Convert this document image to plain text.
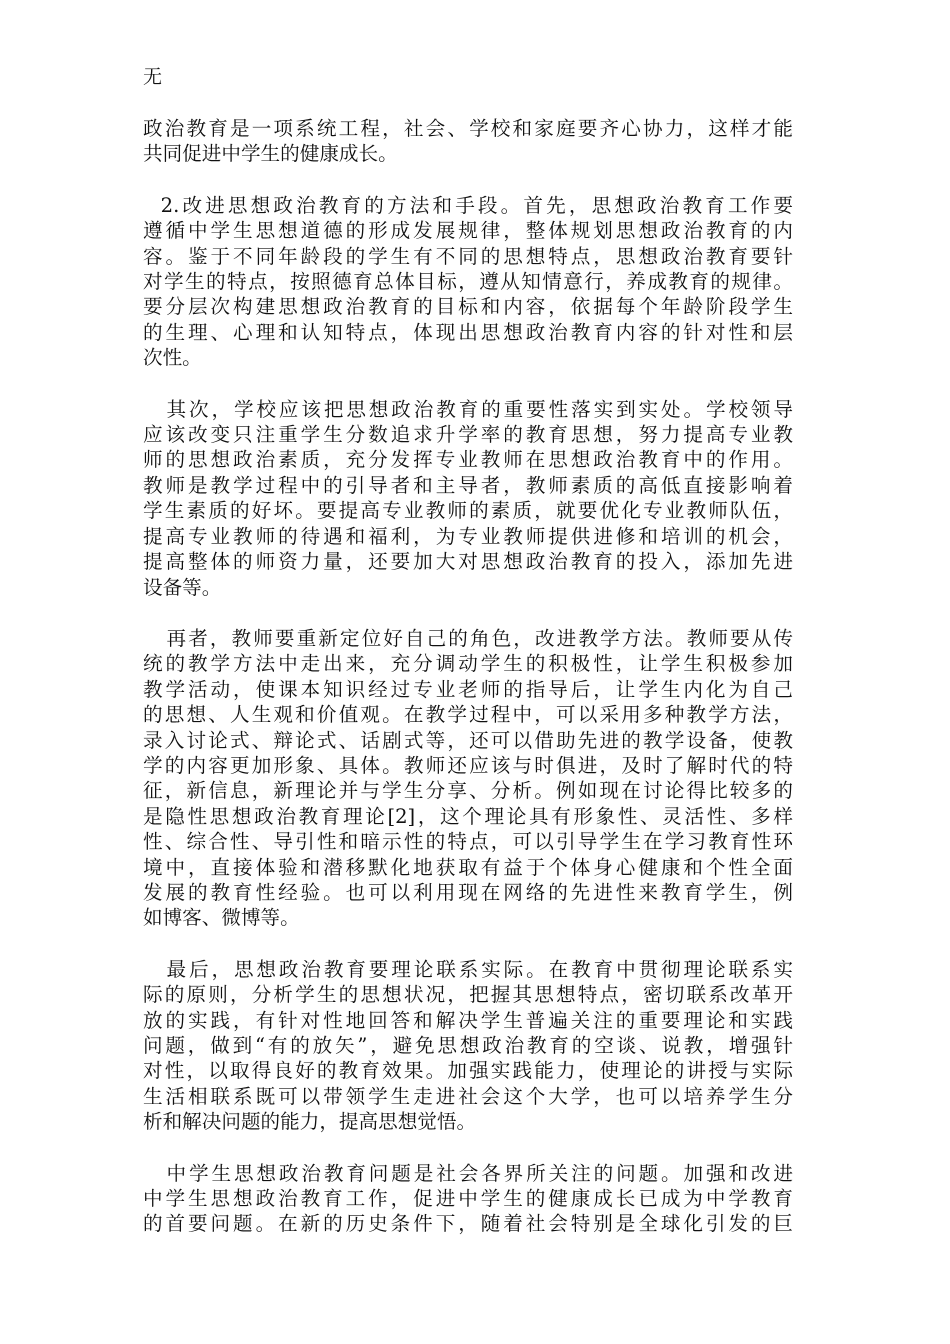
无
政治教育是一项系统工程，社会、学校和家庭要齐心协力，这样才能
共同促进中学生的健康成长。
2.改进思想政治教育的方法和手段。首先，思想政治教育工作要
遵循中学生思想道德的形成发展规律，整体规划思想政治教育的内
容。鉴于不同年龄段的学生有不同的思想特点，思想政治教育要针
对学生的特点，按照德育总体目标，遵从知情意行，养成教育的规律。
要分层次构建思想政治教育的目标和内容，依据每个年龄阶段学生
的生理、心理和认知特点，体现出思想政治教育内容的针对性和层
次性。
其次，学校应该把思想政治教育的重要性落实到实处。学校领导
应该改变只注重学生分数追求升学率的教育思想，努力提高专业教
师的思想政治素质，充分发挥专业教师在思想政治教育中的作用。
教师是教学过程中的引导者和主导者，教师素质的高低直接影响着
学生素质的好坏。要提高专业教师的素质，就要优化专业教师队伍，
提高专业教师的待遇和福利，为专业教师提供进修和培训的机会，
提高整体的师资力量，还要加大对思想政治教育的投入，添加先进
设备等。
再者，教师要重新定位好自己的角色，改进教学方法。教师要从传
统的教学方法中走出来，充分调动学生的积极性，让学生积极参加
教学活动，使课本知识经过专业老师的指导后，让学生内化为自己
的思想、人生观和价值观。在教学过程中，可以采用多种教学方法，
录入讨论式、辩论式、话剧式等，还可以借助先进的教学设备，使教
学的内容更加形象、具体。教师还应该与时俱进，及时了解时代的特
征，新信息，新理论并与学生分享、分析。例如现在讨论得比较多的
是隐性思想政治教育理论[2]，这个理论具有形象性、灵活性、多样
性、综合性、导引性和暗示性的特点，可以引导学生在学习教育性环
境中，直接体验和潜移默化地获取有益于个体身心健康和个性全面
发展的教育性经验。也可以利用现在网络的先进性来教育学生，例
如博客、微博等。
最后，思想政治教育要理论联系实际。在教育中贯彻理论联系实
际的原则，分析学生的思想状况，把握其思想特点，密切联系改革开
放的实践，有针对性地回答和解决学生普遍关注的重要理论和实践
问题，做到“有的放矢”，避免思想政治教育的空谈、说教，增强针
对性，以取得良好的教育效果。加强实践能力，使理论的讲授与实际
生活相联系既可以带领学生走进社会这个大学，也可以培养学生分
析和解决问题的能力，提高思想觉悟。
中学生思想政治教育问题是社会各界所关注的问题。加强和改进
中学生思想政治教育工作，促进中学生的健康成长已成为中学教育
的首要问题。在新的历史条件下，随着社会特别是全球化引发的巨
